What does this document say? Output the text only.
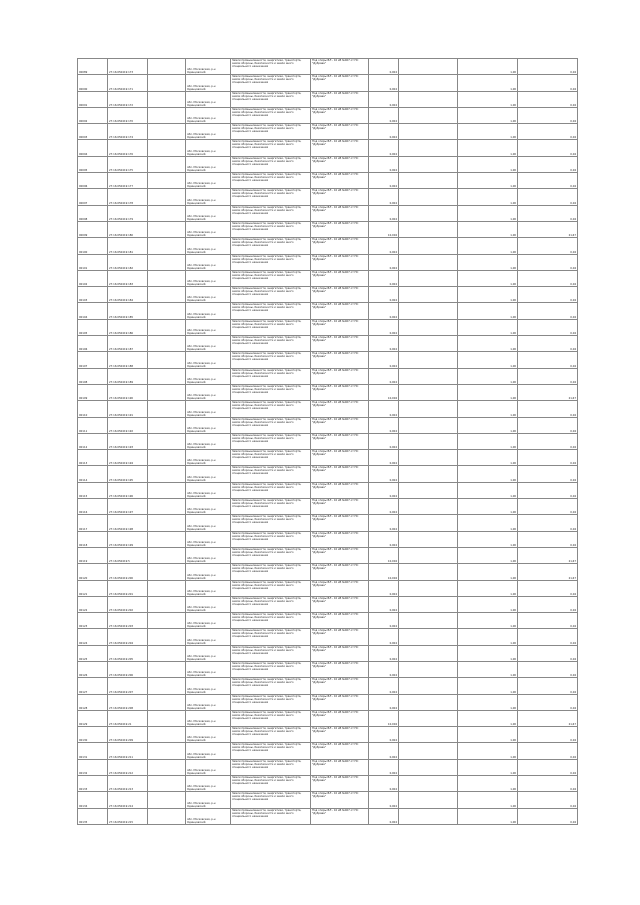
00089	27:16:050419:173		обл. Московская, р-н Одинцовский	Земли промышленности, энергетики, транспорта, земли обороны, безопасности и земли иного специального назначения	Под опоры ВЛ - 10 кВ №407 от ПС "Дубрава"	0,004		1,00	0,04
00090	27:16:050419:171		обл. Московская, р-н Одинцовский	Земли промышленности, энергетики, транспорта, земли обороны, безопасности и земли иного специального назначения	Под опоры ВЛ - 10 кВ №407 от ПС "Дубрава"	0,004		1,00	0,04
00091	27:16:050419:172		обл. Московская, р-н Одинцовский	Земли промышленности, энергетики, транспорта, земли обороны, безопасности и земли иного специального назначения	Под опоры ВЛ - 10 кВ №407 от ПС "Дубрава"	0,004		1,00	0,04
00092	27:16:050419:170		обл. Московская, р-н Одинцовский	Земли промышленности, энергетики, транспорта, земли обороны, безопасности и земли иного специального назначения	Под опоры ВЛ - 10 кВ №407 от ПС "Дубрава"	0,004		1,00	0,04
00093	27:16:050419:174		обл. Московская, р-н Одинцовский	Земли промышленности, энергетики, транспорта, земли обороны, безопасности и земли иного специального назначения	Под опоры ВЛ - 10 кВ №407 от ПС "Дубрава"	0,004		1,00	0,04
00094	27:16:050419:176		обл. Московская, р-н Одинцовский	Земли промышленности, энергетики, транспорта, земли обороны, безопасности и земли иного специального назначения	Под опоры ВЛ - 10 кВ №407 от ПС "Дубрава"	0,004		1,00	0,04
00095	27:16:050419:175		обл. Московская, р-н Одинцовский	Земли промышленности, энергетики, транспорта, земли обороны, безопасности и земли иного специального назначения	Под опоры ВЛ - 10 кВ №407 от ПС "Дубрава"	0,004		1,00	0,04
00096	27:16:050419:177		обл. Московская, р-н Одинцовский	Земли промышленности, энергетики, транспорта, земли обороны, безопасности и земли иного специального назначения	Под опоры ВЛ - 10 кВ №407 от ПС "Дубрава"	0,004		1,00	0,04
00097	27:16:050419:178		обл. Московская, р-н Одинцовский	Земли промышленности, энергетики, транспорта, земли обороны, безопасности и земли иного специального назначения	Под опоры ВЛ - 10 кВ №407 от ПС "Дубрава"	0,004		1,00	0,04
00098	27:16:050419:179		обл. Московская, р-н Одинцовский	Земли промышленности, энергетики, транспорта, земли обороны, безопасности и земли иного специального назначения	Под опоры ВЛ - 10 кВ №407 от ПС "Дубрава"	0,004		1,00	0,04
00099	27:16:050419:180		обл. Московская, р-н Одинцовский	Земли промышленности, энергетики, транспорта, земли обороны, безопасности и земли иного специального назначения	Под опоры ВЛ - 10 кВ №407 от ПС "Дубрава"	10,004		1,00	21,67
00100	27:16:050419:181		обл. Московская, р-н Одинцовский	Земли промышленности, энергетики, транспорта, земли обороны, безопасности и земли иного специального назначения	Под опоры ВЛ - 10 кВ №407 от ПС "Дубрава"	0,004		1,00	0,04
00101	27:16:050419:182		обл. Московская, р-н Одинцовский	Земли промышленности, энергетики, транспорта, земли обороны, безопасности и земли иного специального назначения	Под опоры ВЛ - 10 кВ №407 от ПС "Дубрава"	0,004		1,00	0,04
00102	27:16:050419:183		обл. Московская, р-н Одинцовский	Земли промышленности, энергетики, транспорта, земли обороны, безопасности и земли иного специального назначения	Под опоры ВЛ - 10 кВ №407 от ПС "Дубрава"	0,004		1,00	0,04
00103	27:16:050419:184		обл. Московская, р-н Одинцовский	Земли промышленности, энергетики, транспорта, земли обороны, безопасности и земли иного специального назначения	Под опоры ВЛ - 10 кВ №407 от ПС "Дубрава"	0,004		1,00	0,04
00104	27:16:050419:185		обл. Московская, р-н Одинцовский	Земли промышленности, энергетики, транспорта, земли обороны, безопасности и земли иного специального назначения	Под опоры ВЛ - 10 кВ №407 от ПС "Дубрава"	0,004		1,00	0,04
00105	27:16:050419:186		обл. Московская, р-н Одинцовский	Земли промышленности, энергетики, транспорта, земли обороны, безопасности и земли иного специального назначения	Под опоры ВЛ - 10 кВ №407 от ПС "Дубрава"	0,004		1,00	0,04
00106	27:16:050419:187		обл. Московская, р-н Одинцовский	Земли промышленности, энергетики, транспорта, земли обороны, безопасности и земли иного специального назначения	Под опоры ВЛ - 10 кВ №407 от ПС "Дубрава"	0,004		1,00	0,04
00107	27:16:050419:188		обл. Московская, р-н Одинцовский	Земли промышленности, энергетики, транспорта, земли обороны, безопасности и земли иного специального назначения	Под опоры ВЛ - 10 кВ №407 от ПС "Дубрава"	0,004		1,00	0,04
00108	27:16:050419:189		обл. Московская, р-н Одинцовский	Земли промышленности, энергетики, транспорта, земли обороны, безопасности и земли иного специального назначения	Под опоры ВЛ - 10 кВ №407 от ПС "Дубрава"	0,004		1,00	0,04
00109	27:16:050419:190		обл. Московская, р-н Одинцовский	Земли промышленности, энергетики, транспорта, земли обороны, безопасности и земли иного специального назначения	Под опоры ВЛ - 10 кВ №407 от ПС "Дубрава"	10,004		1,00	21,67
00110	27:16:050419:191		обл. Московская, р-н Одинцовский	Земли промышленности, энергетики, транспорта, земли обороны, безопасности и земли иного специального назначения	Под опоры ВЛ - 10 кВ №407 от ПС "Дубрава"	0,004		1,00	0,04
00111	27:16:050419:192		обл. Московская, р-н Одинцовский	Земли промышленности, энергетики, транспорта, земли обороны, безопасности и земли иного специального назначения	Под опоры ВЛ - 10 кВ №407 от ПС "Дубрава"	0,004		1,00	0,04
00112	27:16:050419:193		обл. Московская, р-н Одинцовский	Земли промышленности, энергетики, транспорта, земли обороны, безопасности и земли иного специального назначения	Под опоры ВЛ - 10 кВ №407 от ПС "Дубрава"	0,004		1,00	0,04
00113	27:16:050419:194		обл. Московская, р-н Одинцовский	Земли промышленности, энергетики, транспорта, земли обороны, безопасности и земли иного специального назначения	Под опоры ВЛ - 10 кВ №407 от ПС "Дубрава"	0,004		1,00	0,04
00114	27:16:050419:195		обл. Московская, р-н Одинцовский	Земли промышленности, энергетики, транспорта, земли обороны, безопасности и земли иного специального назначения	Под опоры ВЛ - 10 кВ №407 от ПС "Дубрава"	0,004		1,00	0,04
00115	27:16:050419:196		обл. Московская, р-н Одинцовский	Земли промышленности, энергетики, транспорта, земли обороны, безопасности и земли иного специального назначения	Под опоры ВЛ - 10 кВ №407 от ПС "Дубрава"	0,004		1,00	0,04
00116	27:16:050419:197		обл. Московская, р-н Одинцовский	Земли промышленности, энергетики, транспорта, земли обороны, безопасности и земли иного специального назначения	Под опоры ВЛ - 10 кВ №407 от ПС "Дубрава"	0,004		1,00	0,04
00117	27:16:050419:198		обл. Московская, р-н Одинцовский	Земли промышленности, энергетики, транспорта, земли обороны, безопасности и земли иного специального назначения	Под опоры ВЛ - 10 кВ №407 от ПС "Дубрава"	0,004		1,00	0,04
00118	27:16:050419:199		обл. Московская, р-н Одинцовский	Земли промышленности, энергетики, транспорта, земли обороны, безопасности и земли иного специального назначения	Под опоры ВЛ - 10 кВ №407 от ПС "Дубрава"	0,004		1,00	0,04
00119	27:16:050419:5		обл. Московская, р-н Одинцовский	Земли промышленности, энергетики, транспорта, земли обороны, безопасности и земли иного специального назначения	Под опоры ВЛ - 10 кВ №407 от ПС "Дубрава"	10,004		1,00	21,67
00120	27:16:050419:200		обл. Московская, р-н Одинцовский	Земли промышленности, энергетики, транспорта, земли обороны, безопасности и земли иного специального назначения	Под опоры ВЛ - 10 кВ №407 от ПС "Дубрава"	10,004		1,00	21,67
00121	27:16:050419:201		обл. Московская, р-н Одинцовский	Земли промышленности, энергетики, транспорта, земли обороны, безопасности и земли иного специального назначения	Под опоры ВЛ - 10 кВ №407 от ПС "Дубрава"	0,004		1,00	0,04
00122	27:16:050419:202		обл. Московская, р-н Одинцовский	Земли промышленности, энергетики, транспорта, земли обороны, безопасности и земли иного специального назначения	Под опоры ВЛ - 10 кВ №407 от ПС "Дубрава"	0,004		1,00	0,04
00123	27:16:050419:203		обл. Московская, р-н Одинцовский	Земли промышленности, энергетики, транспорта, земли обороны, безопасности и земли иного специального назначения	Под опоры ВЛ - 10 кВ №407 от ПС "Дубрава"	0,004		1,00	0,04
00124	27:16:050419:204		обл. Московская, р-н Одинцовский	Земли промышленности, энергетики, транспорта, земли обороны, безопасности и земли иного специального назначения	Под опоры ВЛ - 10 кВ №407 от ПС "Дубрава"	0,004		1,00	0,04
00125	27:16:050419:205		обл. Московская, р-н Одинцовский	Земли промышленности, энергетики, транспорта, земли обороны, безопасности и земли иного специального назначения	Под опоры ВЛ - 10 кВ №407 от ПС "Дубрава"	0,004		1,00	0,04
00126	27:16:050419:206		обл. Московская, р-н Одинцовский	Земли промышленности, энергетики, транспорта, земли обороны, безопасности и земли иного специального назначения	Под опоры ВЛ - 10 кВ №407 от ПС "Дубрава"	0,004		1,00	0,04
00127	27:16:050419:207		обл. Московская, р-н Одинцовский	Земли промышленности, энергетики, транспорта, земли обороны, безопасности и земли иного специального назначения	Под опоры ВЛ - 10 кВ №407 от ПС "Дубрава"	0,004		1,00	0,04
00128	27:16:050419:208		обл. Московская, р-н Одинцовский	Земли промышленности, энергетики, транспорта, земли обороны, безопасности и земли иного специального назначения	Под опоры ВЛ - 10 кВ №407 от ПС "Дубрава"	0,004		1,00	0,04
00129	27:16:050419:21		обл. Московская, р-н Одинцовский	Земли промышленности, энергетики, транспорта, земли обороны, безопасности и земли иного специального назначения	Под опоры ВЛ - 10 кВ №407 от ПС "Дубрава"	10,004		1,00	21,67
00130	27:16:050419:209		обл. Московская, р-н Одинцовский	Земли промышленности, энергетики, транспорта, земли обороны, безопасности и земли иного специального назначения	Под опоры ВЛ - 10 кВ №407 от ПС "Дубрава"	0,004		1,00	0,04
00131	27:16:050419:211		обл. Московская, р-н Одинцовский	Земли промышленности, энергетики, транспорта, земли обороны, безопасности и земли иного специального назначения	Под опоры ВЛ - 10 кВ №407 от ПС "Дубрава"	0,004		1,00	0,04
00132	27:16:050419:212		обл. Московская, р-н Одинцовский	Земли промышленности, энергетики, транспорта, земли обороны, безопасности и земли иного специального назначения	Под опоры ВЛ - 10 кВ №407 от ПС "Дубрава"	0,004		1,00	0,04
00133	27:16:050419:213		обл. Московская, р-н Одинцовский	Земли промышленности, энергетики, транспорта, земли обороны, безопасности и земли иного специального назначения	Под опоры ВЛ - 10 кВ №407 от ПС "Дубрава"	0,004		1,00	0,04
00134	27:16:050419:214		обл. Московская, р-н Одинцовский	Земли промышленности, энергетики, транспорта, земли обороны, безопасности и земли иного специального назначения	Под опоры ВЛ - 10 кВ №407 от ПС "Дубрава"	0,004		1,00	0,04
00135	27:16:050419:215		обл. Московская, р-н Одинцовский	Земли промышленности, энергетики, транспорта, земли обороны, безопасности и земли иного специального назначения	Под опоры ВЛ - 10 кВ №407 от ПС "Дубрава"	0,004		1,00	0,04
